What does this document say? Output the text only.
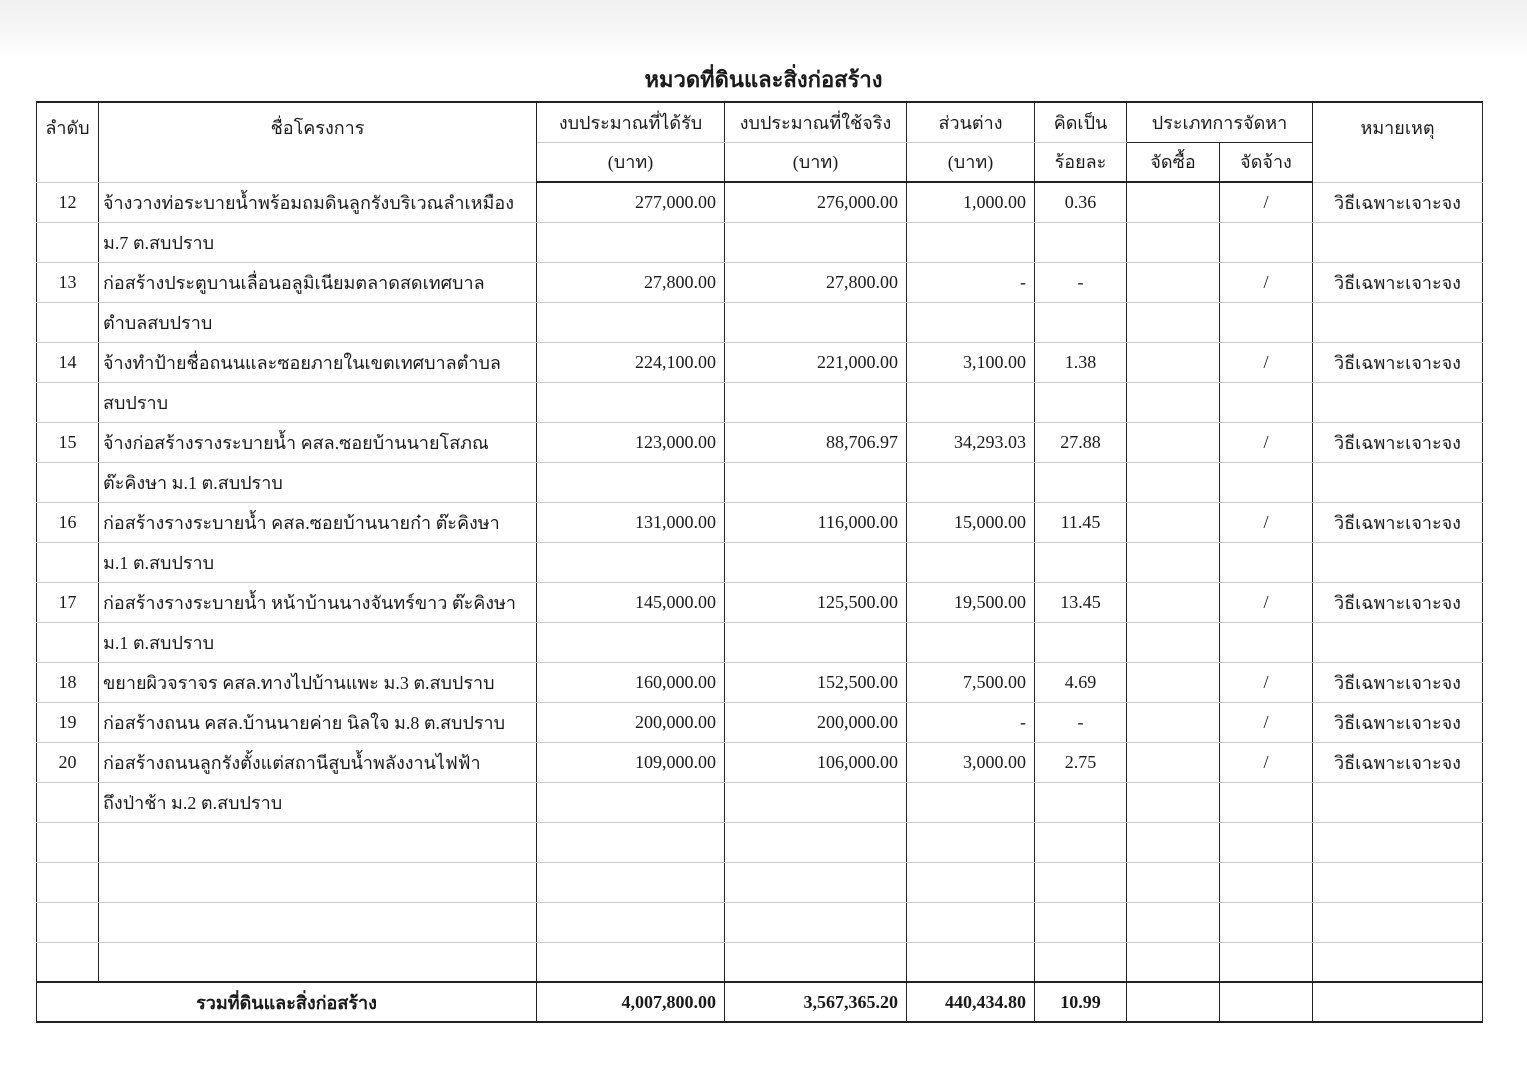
หมวดที่ดินและสิ่งก่อสร้าง
ลำดับ	ชื่อโครงการ	งบประมาณที่ได้รับ	งบประมาณที่ใช้จริง	ส่วนต่าง	คิดเป็น	ประเภทการจัดหา		หมายเหตุ
		(บาท)	(บาท)	(บาท)	ร้อยละ	จัดซื้อ	จัดจ้าง	
12	จ้างวางท่อระบายน้ำพร้อมถมดินลูกรังบริเวณลำเหมือง	277,000.00	276,000.00	1,000.00	0.36		/	วิธีเฉพาะเจาะจง
	ม.7 ต.สบปราบ							
13	ก่อสร้างประตูบานเลื่อนอลูมิเนียมตลาดสดเทศบาล	27,800.00	27,800.00	-	-		/	วิธีเฉพาะเจาะจง
	ตำบลสบปราบ							
14	จ้างทำป้ายชื่อถนนและซอยภายในเขตเทศบาลตำบล	224,100.00	221,000.00	3,100.00	1.38		/	วิธีเฉพาะเจาะจง
	สบปราบ							
15	จ้างก่อสร้างรางระบายน้ำ คสล.ซอยบ้านนายโสภณ	123,000.00	88,706.97	34,293.03	27.88		/	วิธีเฉพาะเจาะจง
	ต๊ะคิงษา ม.1 ต.สบปราบ							
16	ก่อสร้างรางระบายน้ำ คสล.ซอยบ้านนายก๋า ต๊ะคิงษา	131,000.00	116,000.00	15,000.00	11.45		/	วิธีเฉพาะเจาะจง
	ม.1 ต.สบปราบ							
17	ก่อสร้างรางระบายน้ำ หน้าบ้านนางจันทร์ขาว ต๊ะคิงษา	145,000.00	125,500.00	19,500.00	13.45		/	วิธีเฉพาะเจาะจง
	ม.1 ต.สบปราบ							
18	ขยายผิวจราจร คสล.ทางไปบ้านแพะ ม.3 ต.สบปราบ	160,000.00	152,500.00	7,500.00	4.69		/	วิธีเฉพาะเจาะจง
19	ก่อสร้างถนน คสล.บ้านนายค่าย นิลใจ ม.8 ต.สบปราบ	200,000.00	200,000.00	-	-		/	วิธีเฉพาะเจาะจง
20	ก่อสร้างถนนลูกรังตั้งแต่สถานีสูบน้ำพลังงานไฟฟ้า	109,000.00	106,000.00	3,000.00	2.75		/	วิธีเฉพาะเจาะจง
	ถึงป่าช้า ม.2 ต.สบปราบ							

รวมที่ดินและสิ่งก่อสร้าง		4,007,800.00	3,567,365.20	440,434.80	10.99			
